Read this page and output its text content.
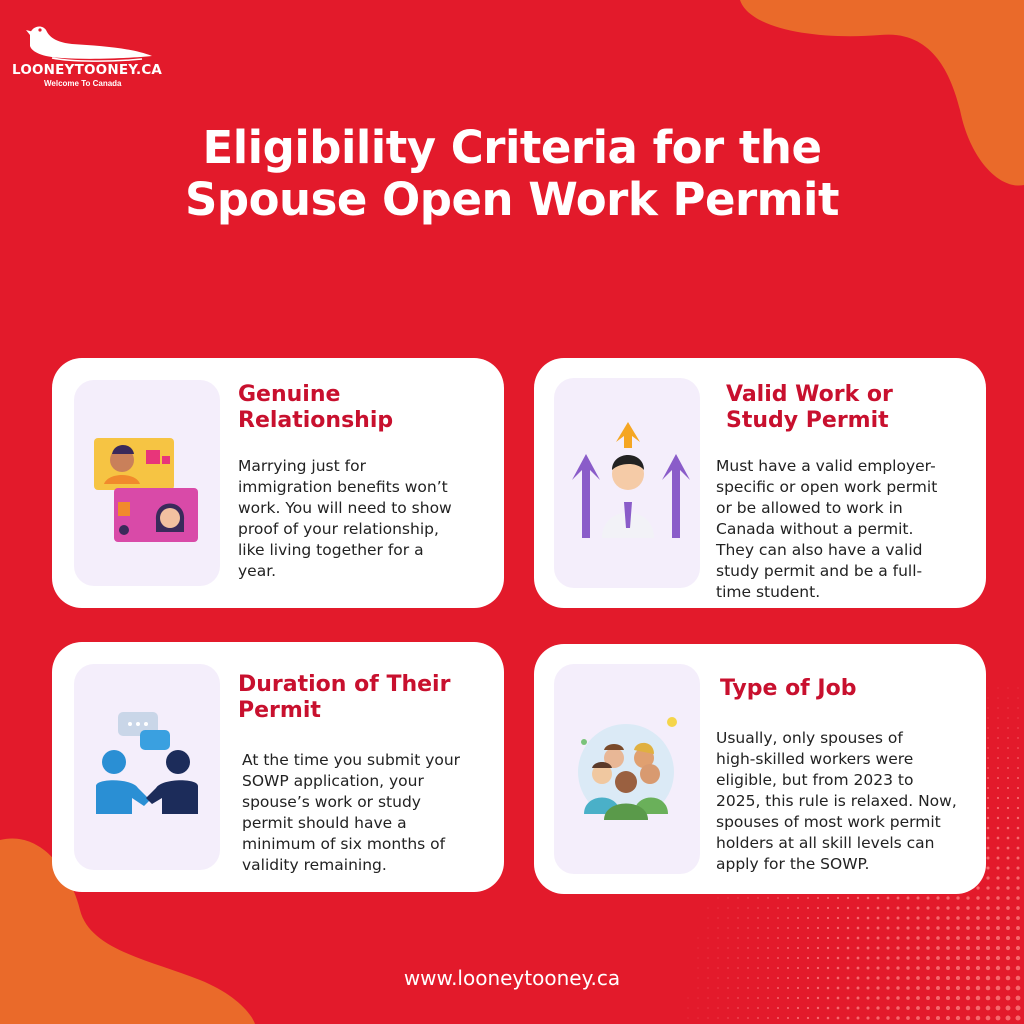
LOONEYTOONEY.CA
Welcome To Canada
Eligibility Criteria for the
Spouse Open Work Permit
Genuine
Relationship
Marrying just for
immigration benefits won’t
work. You will need to show
proof of your relationship,
like living together for a
year.
Valid Work or
Study Permit
Must have a valid employer-
specific or open work permit
or be allowed to work in
Canada without a permit.
They can also have a valid
study permit and be a full-
time student.
Duration of Their
Permit
At the time you submit your
SOWP application, your
spouse’s work or study
permit should have a
minimum of six months of
validity remaining.
Type of Job
Usually, only spouses of
high-skilled workers were
eligible, but from 2023 to
2025, this rule is relaxed. Now,
spouses of most work permit
holders at all skill levels can
apply for the SOWP.
www.looneytooney.ca
